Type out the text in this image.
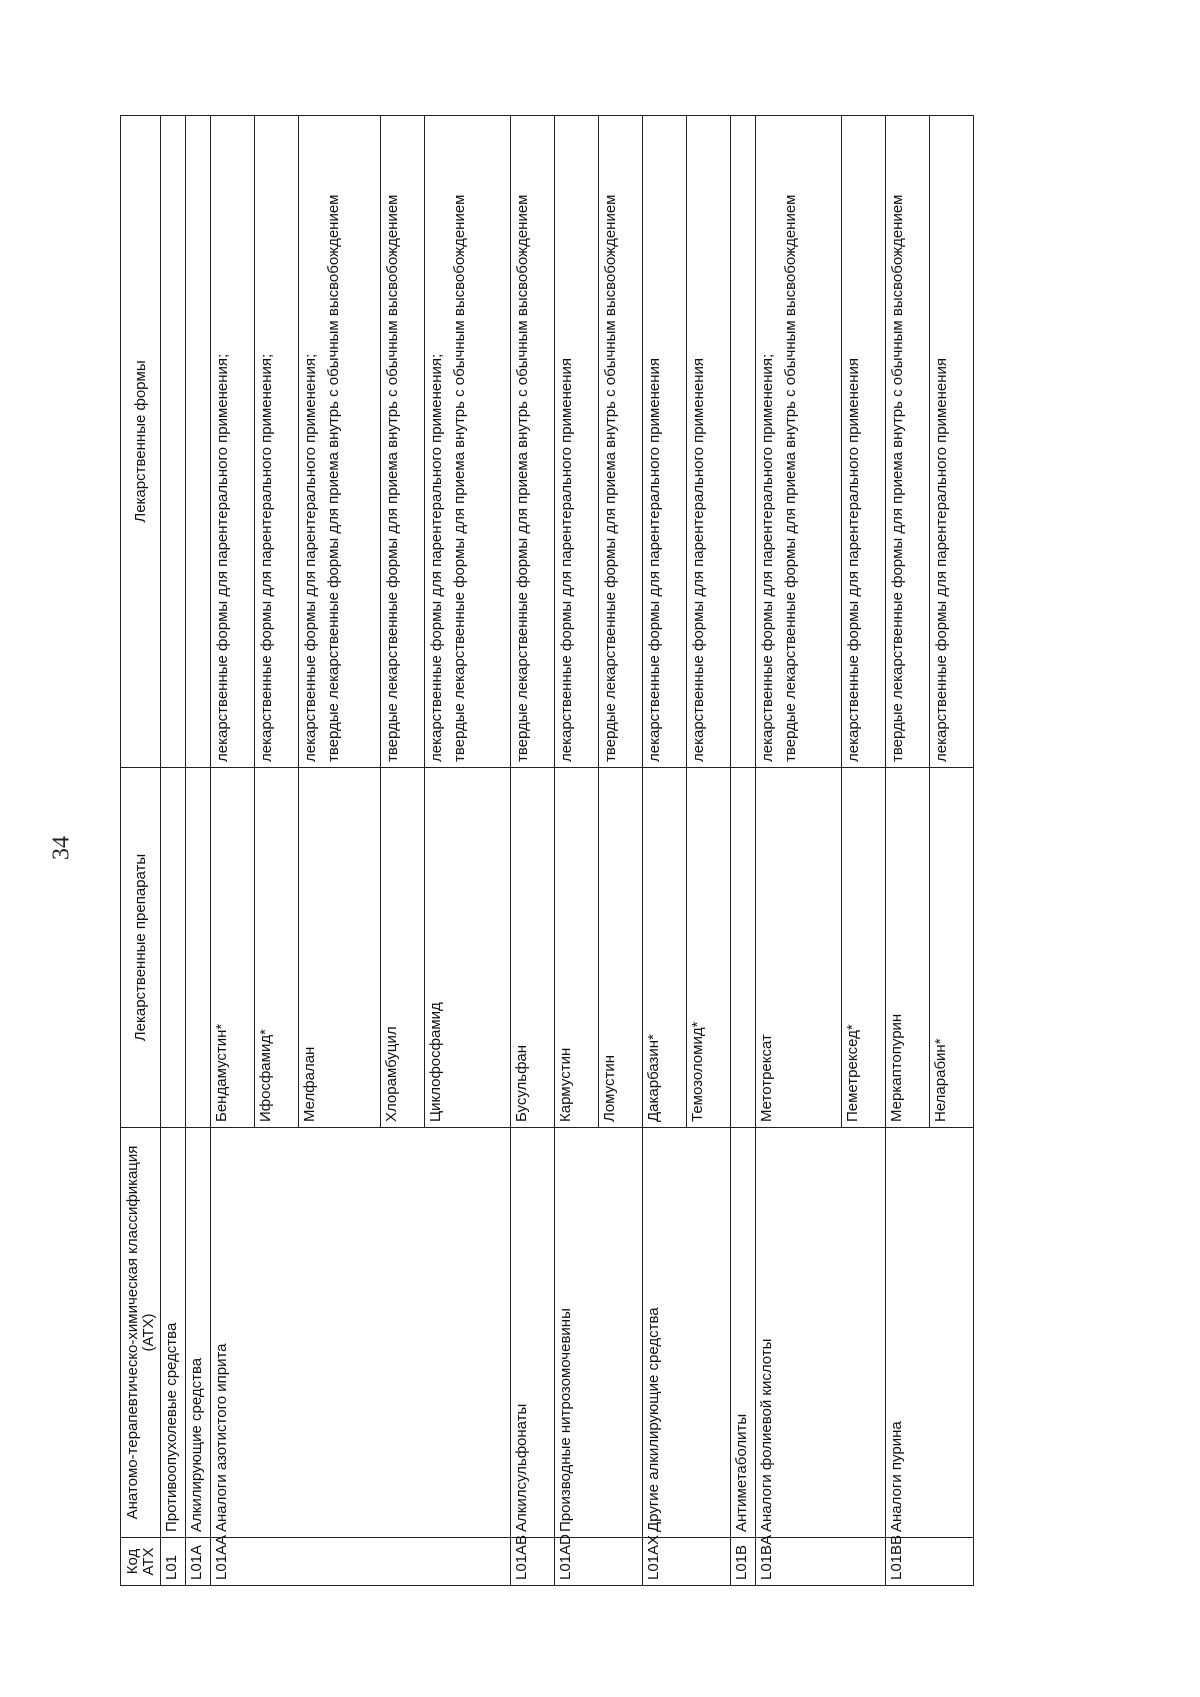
34
Код АТХ	Анатомо-терапевтическо-химическая классификация (АТХ)	Лекарственные препараты	Лекарственные формы
L01	Противоопухолевые средства		
L01A	Алкилирующие средства		
L01AA	Аналоги азотистого иприта	Бендамустин*	лекарственные формы для парентерального применения;

		Ифосфамид*	лекарственные формы для парентерального применения;

		Мелфалан	лекарственные формы для парентерального применения; твердые лекарственные формы для приема внутрь с обычным высвобождением

		Хлорамбуцил	твердые лекарственные формы для приема внутрь с обычным высвобождением

		Циклофосфамид	лекарственные формы для парентерального применения; твердые лекарственные формы для приема внутрь с обычным высвобождением

L01AB	Алкилсульфонаты	Бусульфан	твердые лекарственные формы для приема внутрь с обычным высвобождением

L01AD	Производные нитрозомочевины	Кармустин	лекарственные формы для парентерального применения

		Ломустин	твердые лекарственные формы для приема внутрь с обычным высвобождением

L01AX	Другие алкилирующие средства	Дакарбазин*	лекарственные формы для парентерального применения

		Темозоломид*	лекарственные формы для парентерального применения

L01B	Антиметаболиты		
L01BA	Аналоги фолиевой кислоты	Метотрексат	лекарственные формы для парентерального применения; твердые лекарственные формы для приема внутрь с обычным высвобождением

		Пеметрексед*	лекарственные формы для парентерального применения

L01BB	Аналоги пурина	Меркаптопурин	твердые лекарственные формы для приема внутрь с обычным высвобождением

		Неларабин*	лекарственные формы для парентерального применения
